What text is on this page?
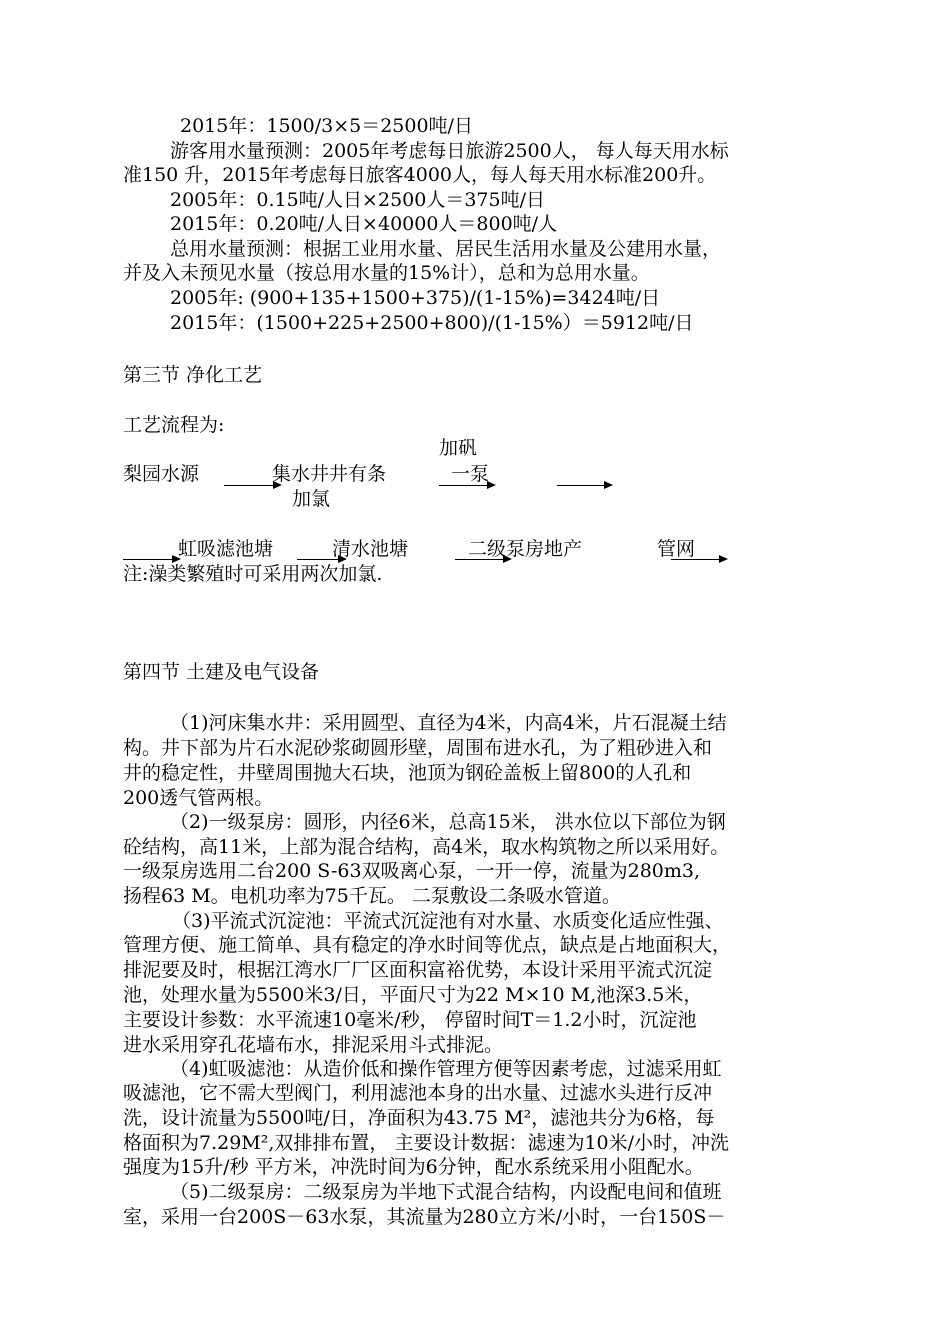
2015年：1500/3×5＝2500吨/日
游客用水量预测：2005年考虑每日旅游2500人， 每人每天用水标
准150 升，2015年考虑每日旅客4000人，每人每天用水标准200升。
2005年：0.15吨/人日×2500人＝375吨/日
2015年：0.20吨/人日×40000人＝800吨/人
总用水量预测：根据工业用水量、居民生活用水量及公建用水量，
并及入未预见水量（按总用水量的15%计），总和为总用水量。
2005年: (900+135+1500+375)/(1-15%)=3424吨/日
2015年：(1500+225+2500+800)/(1-15%）＝5912吨/日
第三节 净化工艺
工艺流程为:
加矾
梨园水源	集水井井有条
加氯
一泵
虹吸滤池塘	清水池塘	二级泵房地产	管网
注:澡类繁殖时可采用两次加氯.
第四节 土建及电气设备
（1)河床集水井：采用圆型、直径为4米，内高4米，片石混凝土结
构。井下部为片石水泥砂浆砌圆形壁，周围布进水孔，为了粗砂进入和
井的稳定性，井壁周围抛大石块，池顶为钢砼盖板上留800的人孔和
200透气管两根。
（2)一级泵房：圆形，内径6米，总高15米， 洪水位以下部位为钢
砼结构，高11米，上部为混合结构，高4米，取水构筑物之所以采用好。
一级泵房选用二台200 S-63双吸离心泵，一开一停，流量为280m3,
扬程63 M。电机功率为75千瓦。 二泵敷设二条吸水管道。
（3)平流式沉淀池：平流式沉淀池有对水量、水质变化适应性强、
管理方便、施工简单、具有稳定的净水时间等优点，缺点是占地面积大，
排泥要及时，根据江湾水厂厂区面积富裕优势，本设计采用平流式沉淀
池，处理水量为5500米3/日，平面尺寸为22 M×10 M,池深3.5米，
主要设计参数：水平流速10毫米/秒， 停留时间T＝1.2小时，沉淀池
进水采用穿孔花墙布水，排泥采用斗式排泥。
（4)虹吸滤池：从造价低和操作管理方便等因素考虑，过滤采用虹
吸滤池，它不需大型阀门，利用滤池本身的出水量、过滤水头进行反冲
洗，设计流量为5500吨/日，净面积为43.75 M²，滤池共分为6格，每
格面积为7.29M²,双排排布置， 主要设计数据：滤速为10米/小时，冲洗
强度为15升/秒 平方米，冲洗时间为6分钟，配水系统采用小阻配水。
（5)二级泵房：二级泵房为半地下式混合结构，内设配电间和值班
室，采用一台200S－63水泵，其流量为280立方米/小时，一台150S－
